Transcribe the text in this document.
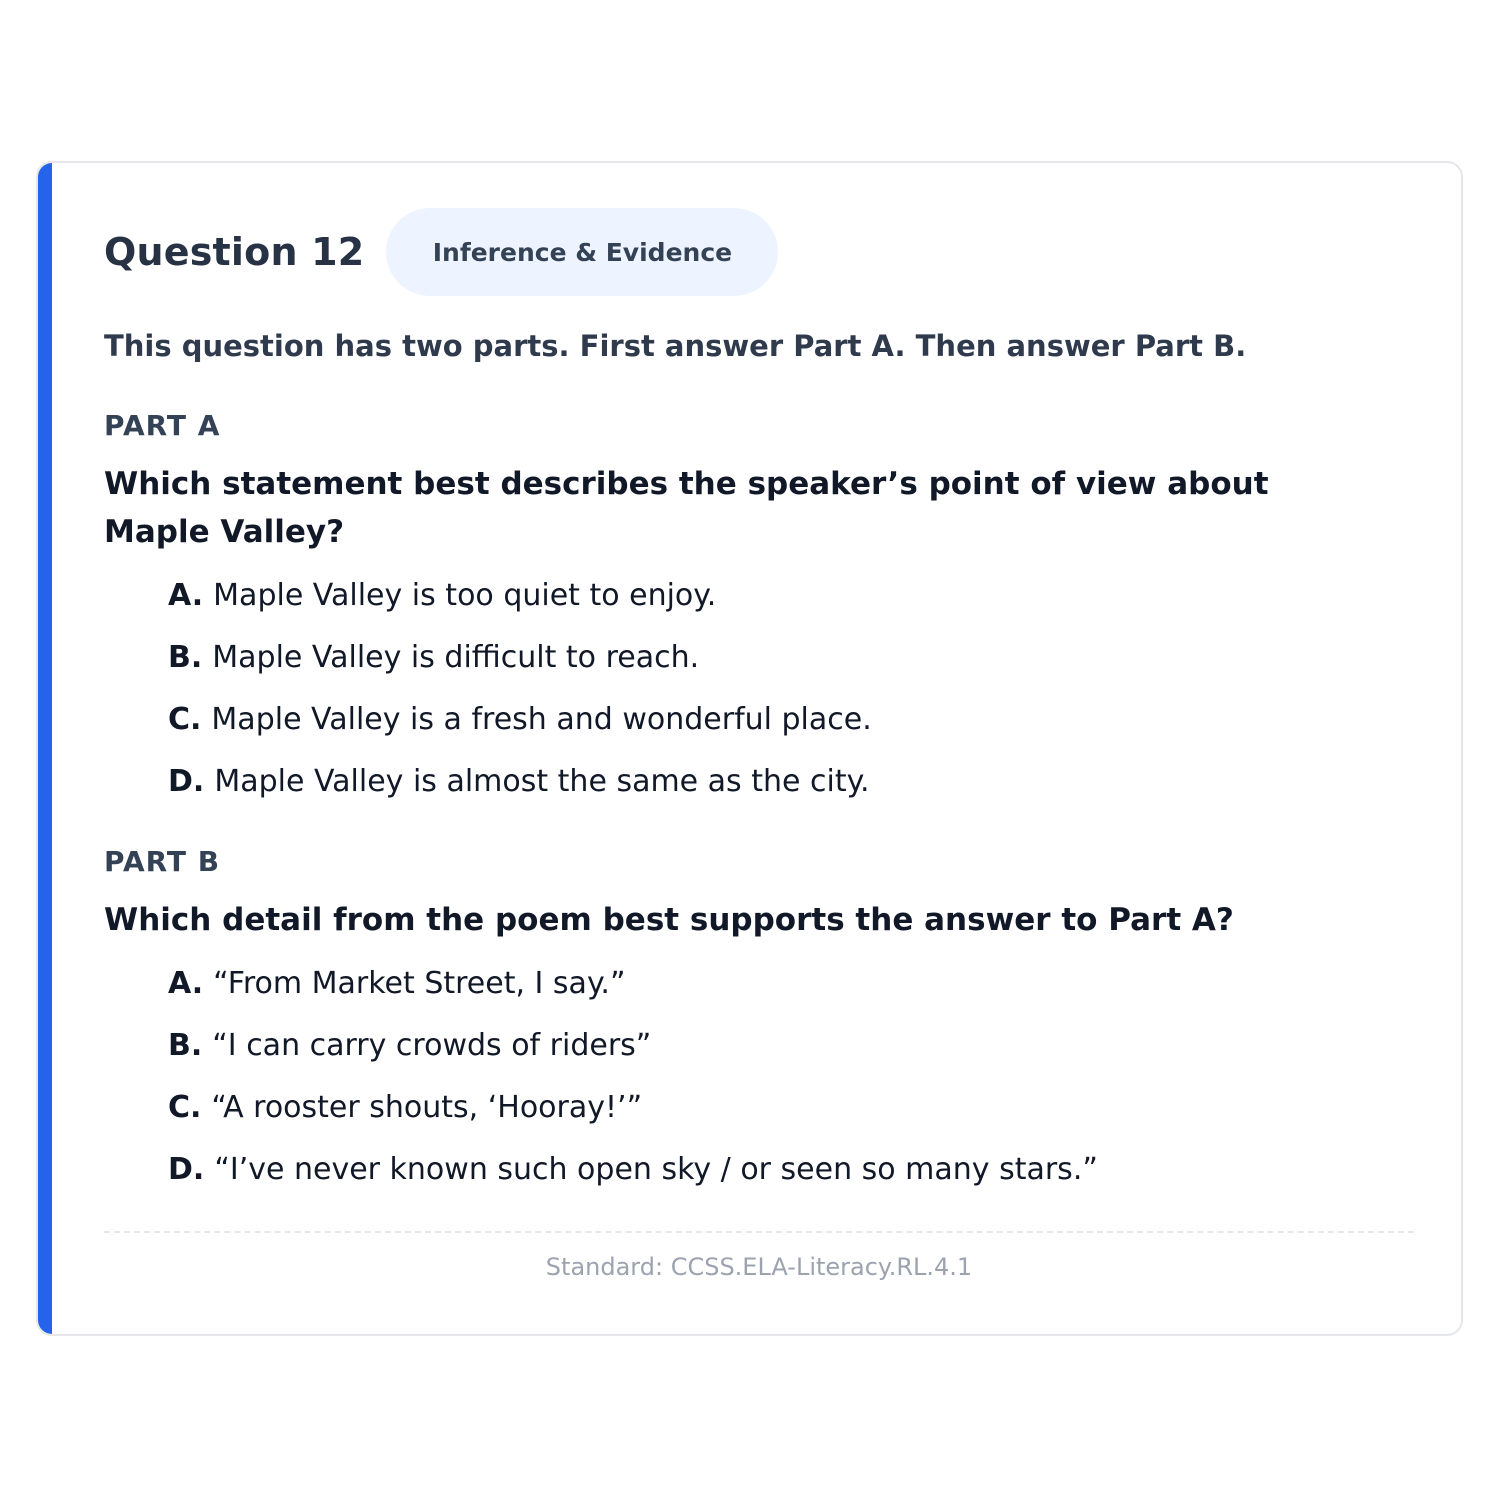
Question 12	Inference & Evidence
This question has two parts. First answer Part A. Then answer Part B.
PART A
Which statement best describes the speaker’s point of view about Maple Valley?
A. Maple Valley is too quiet to enjoy.
B. Maple Valley is difficult to reach.
C. Maple Valley is a fresh and wonderful place.
D. Maple Valley is almost the same as the city.
PART B
Which detail from the poem best supports the answer to Part A?
A. “From Market Street, I say.”
B. “I can carry crowds of riders”
C. “A rooster shouts, ‘Hooray!’”
D. “I’ve never known such open sky / or seen so many stars.”
Standard: CCSS.ELA-Literacy.RL.4.1
